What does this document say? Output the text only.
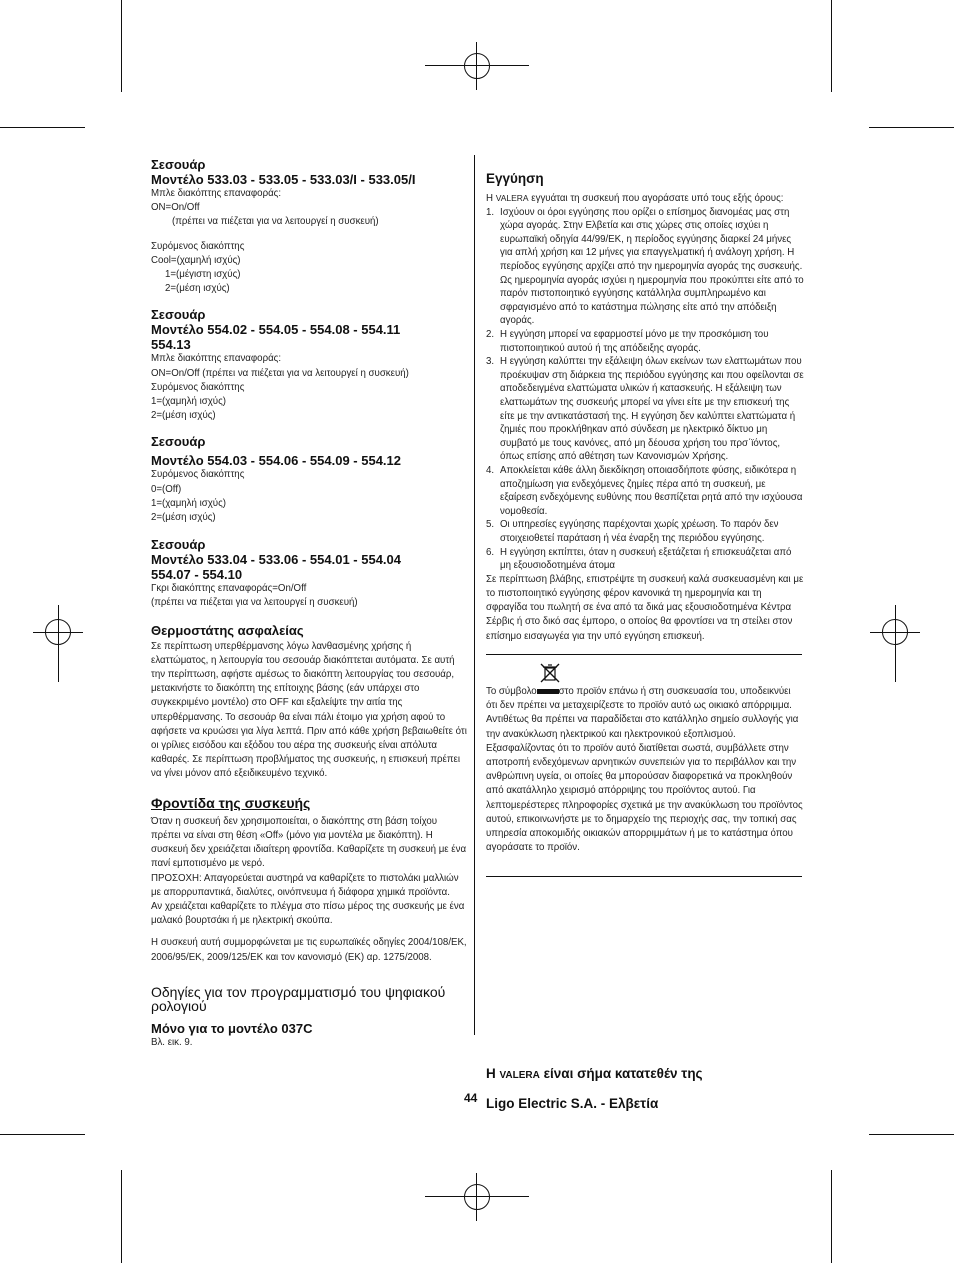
Σεσουάρ

Μοντέλο 533.03 - 533.05 - 533.03/I - 533.05/I

Μπλε διακόπτης επαναφοράς:

ON=On/Off

(πρέπει να πιέζεται για να λειτουργεί η συσκευή)

Συρόμενος διακόπτης

Cool=(χαμηλή ισχύς)

1=(μέγιστη ισχύς)

2=(μέση ισχύς)

Σεσουάρ

Μοντέλο 554.02 - 554.05 - 554.08 - 554.11

554.13

Μπλε διακόπτης επαναφοράς:

ON=On/Off (πρέπει να πιέζεται για να λειτουργεί η συσκευή)

Συρόμενος διακόπτης

1=(χαμηλή ισχύς)

2=(μέση ισχύς)

Σεσουάρ

Μοντέλο 554.03 - 554.06 - 554.09 - 554.12

Συρόμενος διακόπτης

0=(Off)

1=(χαμηλή ισχύς)

2=(μέση ισχύς)

Σεσουάρ

Μοντέλο 533.04 - 533.06 - 554.01 - 554.04

554.07 - 554.10

Γκρι διακόπτης επαναφοράς=On/Off

(πρέπει να πιέζεται για να λειτουργεί η συσκευή)

Θερμοστάτης ασφαλείας

Σε περίπτωση υπερθέρμανσης λόγω λανθασμένης χρήσης ή ελαττώματος, η λειτουργία του σεσουάρ διακόπτεται αυτόματα. Σε αυτή την περίπτωση, αφήστε αμέσως το διακόπτη λειτουργίας του σεσουάρ, μετακινήστε το διακόπτη της επίτοιχης βάσης (εάν υπάρχει στο συγκεκριμένο μοντέλο) στο OFF και εξαλείψτε την αιτία της υπερθέρμανσης. Το σεσουάρ θα είναι πάλι έτοιμο για χρήση αφού το αφήσετε να κρυώσει για λίγα λεπτά. Πριν από κάθε χρήση βεβαιωθείτε ότι οι γρίλιες εισόδου και εξόδου του αέρα της συσκευής είναι απόλυτα καθαρές. Σε περίπτωση προβλήματος της συσκευής, η επισκευή πρέπει να γίνει μόνον από εξειδικευμένο τεχνικό.

Φροντίδα της συσκευής

Όταν η συσκευή δεν χρησιμοποιείται, ο διακόπτης στη βάση τοίχου πρέπει να είναι στη θέση «Off» (μόνο για μοντέλα με διακόπτη). Η συσκευή δεν χρειάζεται ιδιαίτερη φροντίδα. Καθαρίζετε τη συσκευή με ένα πανί εμποτισμένο με νερό.

ΠΡΟΣΟΧΗ: Απαγορεύεται αυστηρά να καθαρίζετε το πιστολάκι μαλλιών με απορρυπαντικά, διαλύτες, οινόπνευμα ή διάφορα χημικά προϊόντα.

Αν χρειάζεται καθαρίζετε το πλέγμα στο πίσω μέρος της συσκευής με ένα μαλακό βουρτσάκι ή με ηλεκτρική σκούπα.

Η συσκευή αυτή συμμορφώνεται με τις ευρωπαϊκές οδηγίες 2004/108/EK, 2006/95/EK, 2009/125/EK και τον κανονισμό (ΕΚ) αρ. 1275/2008.

Οδηγίες για τον προγραμματισμό του ψηφιακού ρολογιού

Μόνο για το μοντέλο 037C

Βλ. εικ. 9.

Εγγύηση

Η VALERA εγγυάται τη συσκευή που αγοράσατε υπό τους εξής όρους:

1. Ισχύουν οι όροι εγγύησης που ορίζει ο επίσημος διανομέας μας στη χώρα αγοράς. Στην Ελβετία και στις χώρες στις οποίες ισχύει η ευρωπαϊκή οδηγία 44/99/ΕΚ, η περίοδος εγγύησης διαρκεί 24 μήνες για απλή χρήση και 12 μήνες για επαγγελματική ή ανάλογη χρήση. Η περίοδος εγγύησης αρχίζει από την ημερομηνία αγοράς της συσκευής. Ως ημερομηνία αγοράς ισχύει η ημερομηνία που προκύπτει είτε από το παρόν πιστοποιητικό εγγύησης κατάλληλα συμπληρωμένο και σφραγισμένο από το κατάστημα πώλησης είτε από την απόδειξη αγοράς.
2. Η εγγύηση μπορεί να εφαρμοστεί μόνο με την προσκόμιση του πιστοποιητικού αυτού ή της απόδειξης αγοράς.
3. Η εγγύηση καλύπτει την εξάλειψη όλων εκείνων των ελαττωμάτων που προέκυψαν στη διάρκεια της περιόδου εγγύησης και που οφείλονται σε αποδεδειγμένα ελαττώματα υλικών ή κατασκευής. Η εξάλειψη των ελαττωμάτων της συσκευής μπορεί να γίνει είτε με την επισκευή της είτε με την αντικατάστασή της. Η εγγύηση δεν καλύπτει ελαττώματα ή ζημιές που προκλήθηκαν από σύνδεση με ηλεκτρικό δίκτυο μη συμβατό με τους κανόνες, από μη δέουσα χρήση του πρσ΄ϊόντος, όπως επίσης από αθέτηση των Κανονισμών Χρήσης.
4. Αποκλείεται κάθε άλλη διεκδίκηση οποιασδήποτε φύσης, ειδικότερα η αποζημίωση για ενδεχόμενες ζημίες πέρα από τη συσκευή, με εξαίρεση ενδεχόμενης ευθύνης που θεσπίζεται ρητά από την ισχύουσα νομοθεσία.
5. Οι υπηρεσίες εγγύησης παρέχονται χωρίς χρέωση. Το παρόν δεν στοιχειοθετεί παράταση ή νέα έναρξη της περιόδου εγγύησης.
6. Η εγγύηση εκπίπτει, όταν η συσκευή εξετάζεται ή επισκευάζεται από μη εξουσιοδοτημένα άτομα

Σε περίπτωση βλάβης, επιστρέψτε τη συσκευή καλά συσκευασμένη και με το πιστοποιητικό εγγύησης φέρον κανονικά τη ημερομηνία και τη σφραγίδα του πωλητή σε ένα από τα δικά μας εξουσιοδοτημένα Κέντρα Σέρβις ή στο δικό σας έμπορο, ο οποίος θα φροντίσει να τη στείλει στον επίσημο εισαγωγέα για την υπό εγγύηση επισκευή.

Το σύμβολο στο προϊόν επάνω ή στη συσκευασία του, υποδεικνύει ότι δεν πρέπει να μεταχειρίζεστε το προϊόν αυτό ως οικιακό απόρριμμα. Αντιθέτως θα πρέπει να παραδίδεται στο κατάλληλο σημείο συλλογής για την ανακύκλωση ηλεκτρικού και ηλεκτρονικού εξοπλισμού. Εξασφαλίζοντας ότι το προϊόν αυτό διατίθεται σωστά, συμβάλλετε στην αποτροπή ενδεχόμενων αρνητικών συνεπειών για το περιβάλλον και την ανθρώπινη υγεία, οι οποίες θα μπορούσαν διαφορετικά να προκληθούν από ακατάλληλο χειρισμό απόρριψης του προϊόντος αυτού. Για λεπτομερέστερες πληροφορίες σχετικά με την ανακύκλωση του προϊόντος αυτού, επικοινωνήστε με το δημαρχείο της περιοχής σας, την τοπική σας υπηρεσία αποκομιδής οικιακών απορριμμάτων ή με το κατάστημα όπου αγοράσατε το προϊόν.

Η VALERA είναι σήμα κατατεθέν της

Ligo Electric S.A. - Ελβετία

44
